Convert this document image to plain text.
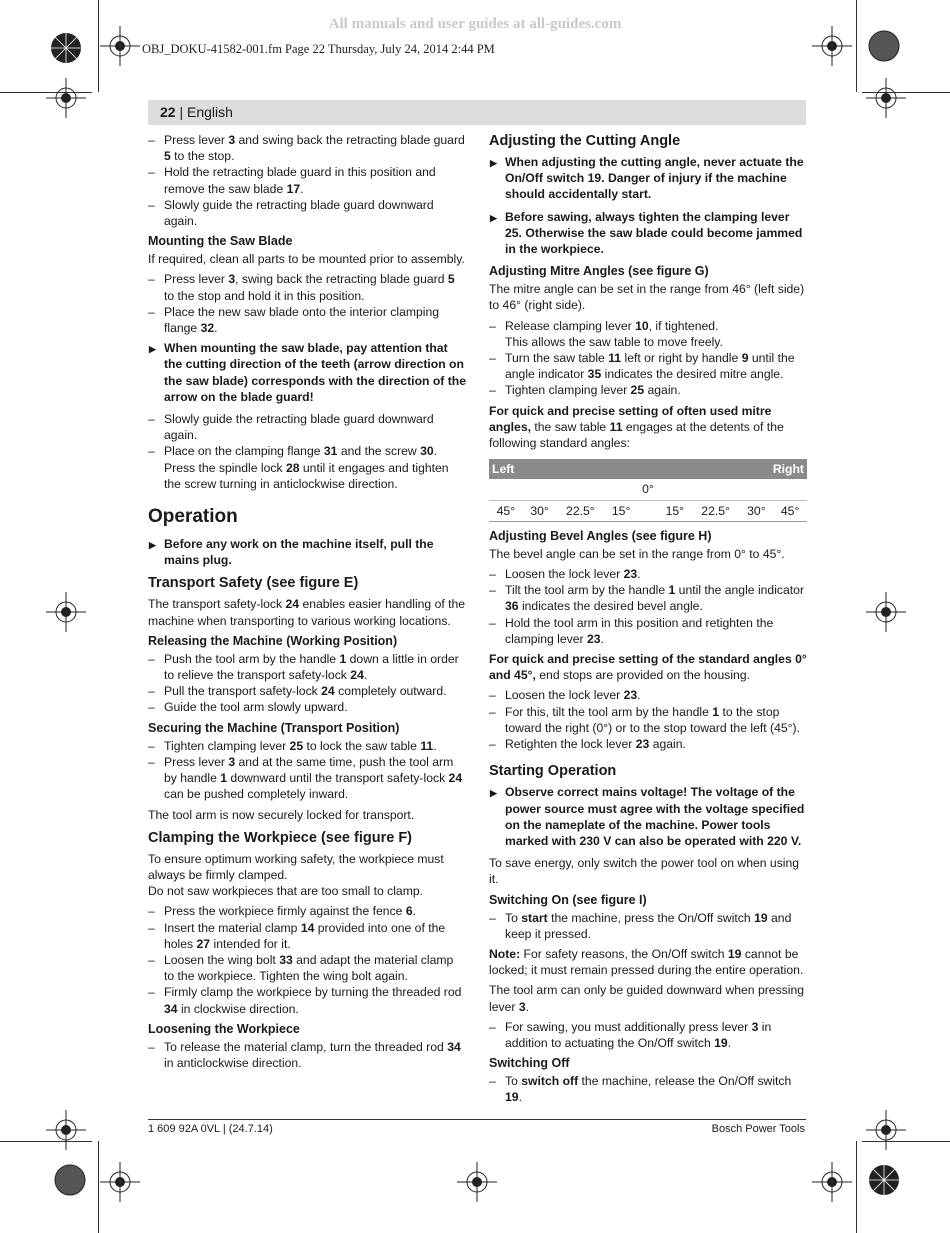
All manuals and user guides at all-guides.com
OBJ_DOKU-41582-001.fm Page 22 Thursday, July 24, 2014 2:44 PM
22 | English
– Press lever 3 and swing back the retracting blade guard 5 to the stop.
– Hold the retracting blade guard in this position and remove the saw blade 17.
– Slowly guide the retracting blade guard downward again.
Mounting the Saw Blade

If required, clean all parts to be mounted prior to assembly.

– Press lever 3, swing back the retracting blade guard 5 to the stop and hold it in this position.
– Place the new saw blade onto the interior clamping flange 32.
▶ When mounting the saw blade, pay attention that the cutting direction of the teeth (arrow direction on the saw blade) corresponds with the direction of the arrow on the blade guard!
– Slowly guide the retracting blade guard downward again.
– Place on the clamping flange 31 and the screw 30.
Press the spindle lock 28 until it engages and tighten the screw turning in anticlockwise direction.
Operation
▶ Before any work on the machine itself, pull the mains plug.
Transport Safety (see figure E)

The transport safety-lock 24 enables easier handling of the machine when transporting to various working locations.

Releasing the Machine (Working Position)
– Push the tool arm by the handle 1 down a little in order to relieve the transport safety-lock 24.
– Pull the transport safety-lock 24 completely outward.
– Guide the tool arm slowly upward.
Securing the Machine (Transport Position)
– Tighten clamping lever 25 to lock the saw table 11.
– Press lever 3 and at the same time, push the tool arm by handle 1 downward until the transport safety-lock 24 can be pushed completely inward.

The tool arm is now securely locked for transport.

Clamping the Workpiece (see figure F)

To ensure optimum working safety, the workpiece must always be firmly clamped.

Do not saw workpieces that are too small to clamp.

– Press the workpiece firmly against the fence 6.
– Insert the material clamp 14 provided into one of the holes 27 intended for it.
– Loosen the wing bolt 33 and adapt the material clamp to the workpiece. Tighten the wing bolt again.
– Firmly clamp the workpiece by turning the threaded rod 34 in clockwise direction.
Loosening the Workpiece
– To release the material clamp, turn the threaded rod 34 in anticlockwise direction.
Adjusting the Cutting Angle
▶ When adjusting the cutting angle, never actuate the On/Off switch 19. Danger of injury if the machine should accidentally start.
▶ Before sawing, always tighten the clamping lever 25. Otherwise the saw blade could become jammed in the workpiece.
Adjusting Mitre Angles (see figure G)

The mitre angle can be set in the range from 46° (left side) to 46° (right side).

– Release clamping lever 10, if tightened.
This allows the saw table to move freely.
– Turn the saw table 11 left or right by handle 9 until the angle indicator 35 indicates the desired mitre angle.
– Tighten clamping lever 25 again.

For quick and precise setting of often used mitre angles, the saw table 11 engages at the detents of the following standard angles:

Left					Right			
0°								
45°	30°	22.5°	15°		15°	22.5°	30°	45°
Adjusting Bevel Angles (see figure H)

The bevel angle can be set in the range from 0° to 45°.

– Loosen the lock lever 23.
– Tilt the tool arm by the handle 1 until the angle indicator 36 indicates the desired bevel angle.
– Hold the tool arm in this position and retighten the clamping lever 23.

For quick and precise setting of the standard angles 0° and 45°, end stops are provided on the housing.

– Loosen the lock lever 23.
– For this, tilt the tool arm by the handle 1 to the stop toward the right (0°) or to the stop toward the left (45°).
– Retighten the lock lever 23 again.
Starting Operation
▶ Observe correct mains voltage! The voltage of the power source must agree with the voltage specified on the nameplate of the machine. Power tools marked with 230 V can also be operated with 220 V.

To save energy, only switch the power tool on when using it.

Switching On (see figure I)
– To start the machine, press the On/Off switch 19 and keep it pressed.

Note: For safety reasons, the On/Off switch 19 cannot be locked; it must remain pressed during the entire operation.

The tool arm can only be guided downward when pressing lever 3.

– For sawing, you must additionally press lever 3 in addition to actuating the On/Off switch 19.
Switching Off
– To switch off the machine, release the On/Off switch 19.
1 609 92A 0VL | (24.7.14)	Bosch Power Tools
